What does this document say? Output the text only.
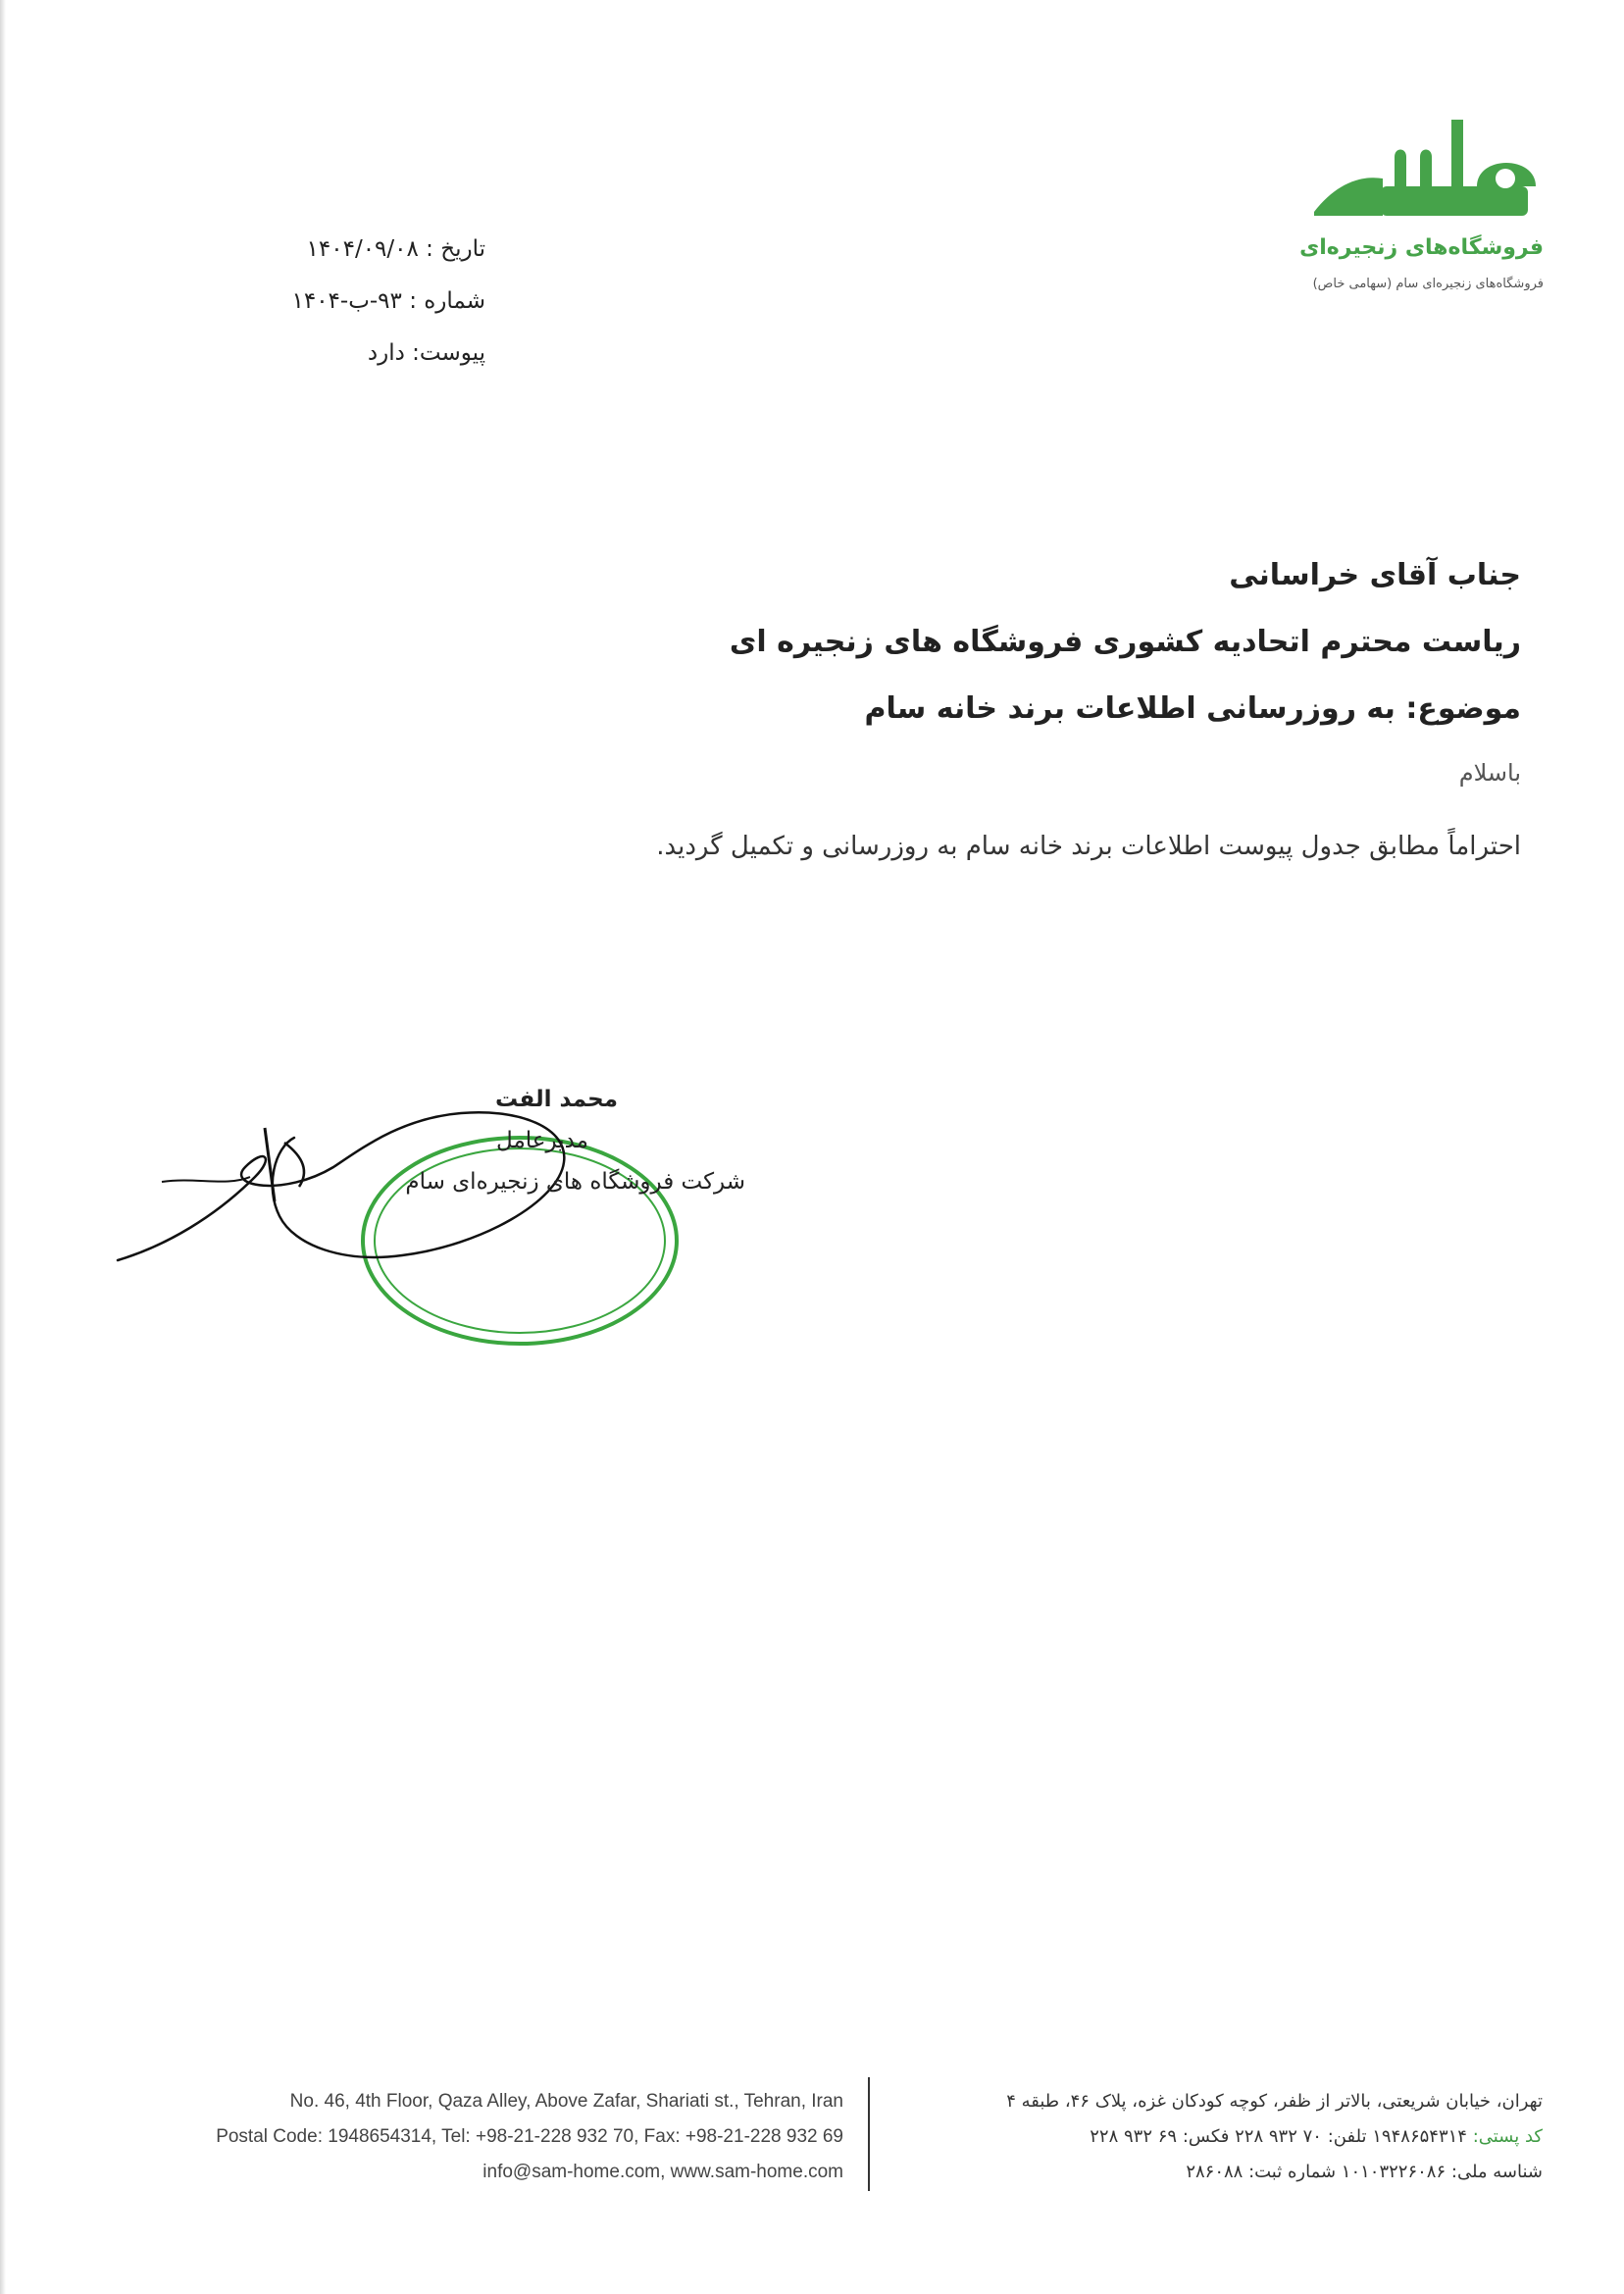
فروشگاه‌های زنجیره‌ای
فروشگاه‌های زنجیره‌ای سام (سهامی خاص)
تاریخ : ۱۴۰۴/۰۹/۰۸
شماره : ۹۳-ب-۱۴۰۴
پیوست: دارد
جناب آقای خراسانی
ریاست محترم اتحادیه کشوری فروشگاه های زنجیره ای
موضوع: به روزرسانی اطلاعات برند خانه سام
باسلام
احتراماً مطابق جدول پیوست اطلاعات برند خانه سام به روزرسانی و تکمیل گردید.
محمد الفت
مدیرعامل
شرکت فروشگاه های زنجیره‌ای سام
No. 46, 4th Floor, Qaza Alley, Above Zafar, Shariati st., Tehran, Iran
Postal Code: 1948654314, Tel: +98-21-228 932 70, Fax: +98-21-228 932 69
info@sam-home.com, www.sam-home.com
تهران، خیابان شریعتی، بالاتر از ظفر، کوچه کودکان غزه، پلاک ۴۶، طبقه ۴
کد پستی: ۱۹۴۸۶۵۴۳۱۴ تلفن: ۷۰ ۹۳۲ ۲۲۸ فکس: ۶۹ ۹۳۲ ۲۲۸
شناسه ملی: ۱۰۱۰۳۲۲۶۰۸۶ شماره ثبت: ۲۸۶۰۸۸
